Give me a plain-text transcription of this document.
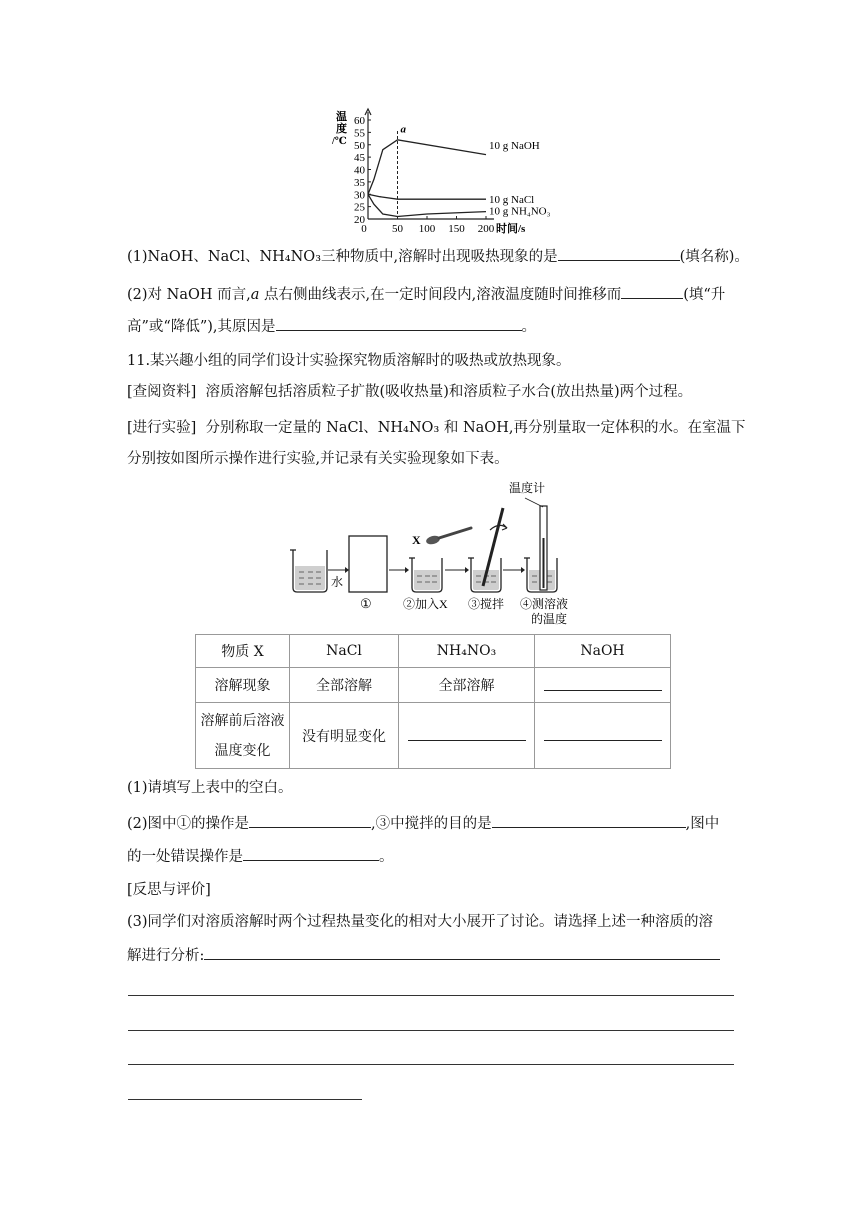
温
度
/℃
20
25
30
35
40
45
50
55
60
0 50 100 150 200 时间/s
a
10 g NaOH
10 g NaCl
10 g NH₄NO₃
(1)NaOH、NaCl、NH₄NO₃三种物质中,溶解时出现吸热现象的是	(填名称)。
(2)对 NaOH 而言,a 点右侧曲线表示,在一定时间段内,溶液温度随时间推移而	(填“升
高”或“降低”),其原因是	。
11.某兴趣小组的同学们设计实验探究物质溶解时的吸热或放热现象。
[查阅资料] 溶质溶解包括溶质粒子扩散(吸收热量)和溶质粒子水合(放出热量)两个过程。
[进行实验] 分别称取一定量的 NaCl、NH₄NO₃ 和 NaOH,再分别量取一定体积的水。在室温下
分别按如图所示操作进行实验,并记录有关实验现象如下表。
水
①
X
②加入X ③搅拌
温度计
④测溶液
的温度
物质 X	NaCl	NH₄NO₃	NaOH
溶解现象	全部溶解	全部溶解	

溶解前后溶液
温度变化	没有明显变化		
(1)请填写上表中的空白。
(2)图中①的操作是	,③中搅拌的目的是	,图中
的一处错误操作是	。
[反思与评价]
(3)同学们对溶质溶解时两个过程热量变化的相对大小展开了讨论。请选择上述一种溶质的溶
解进行分析:
